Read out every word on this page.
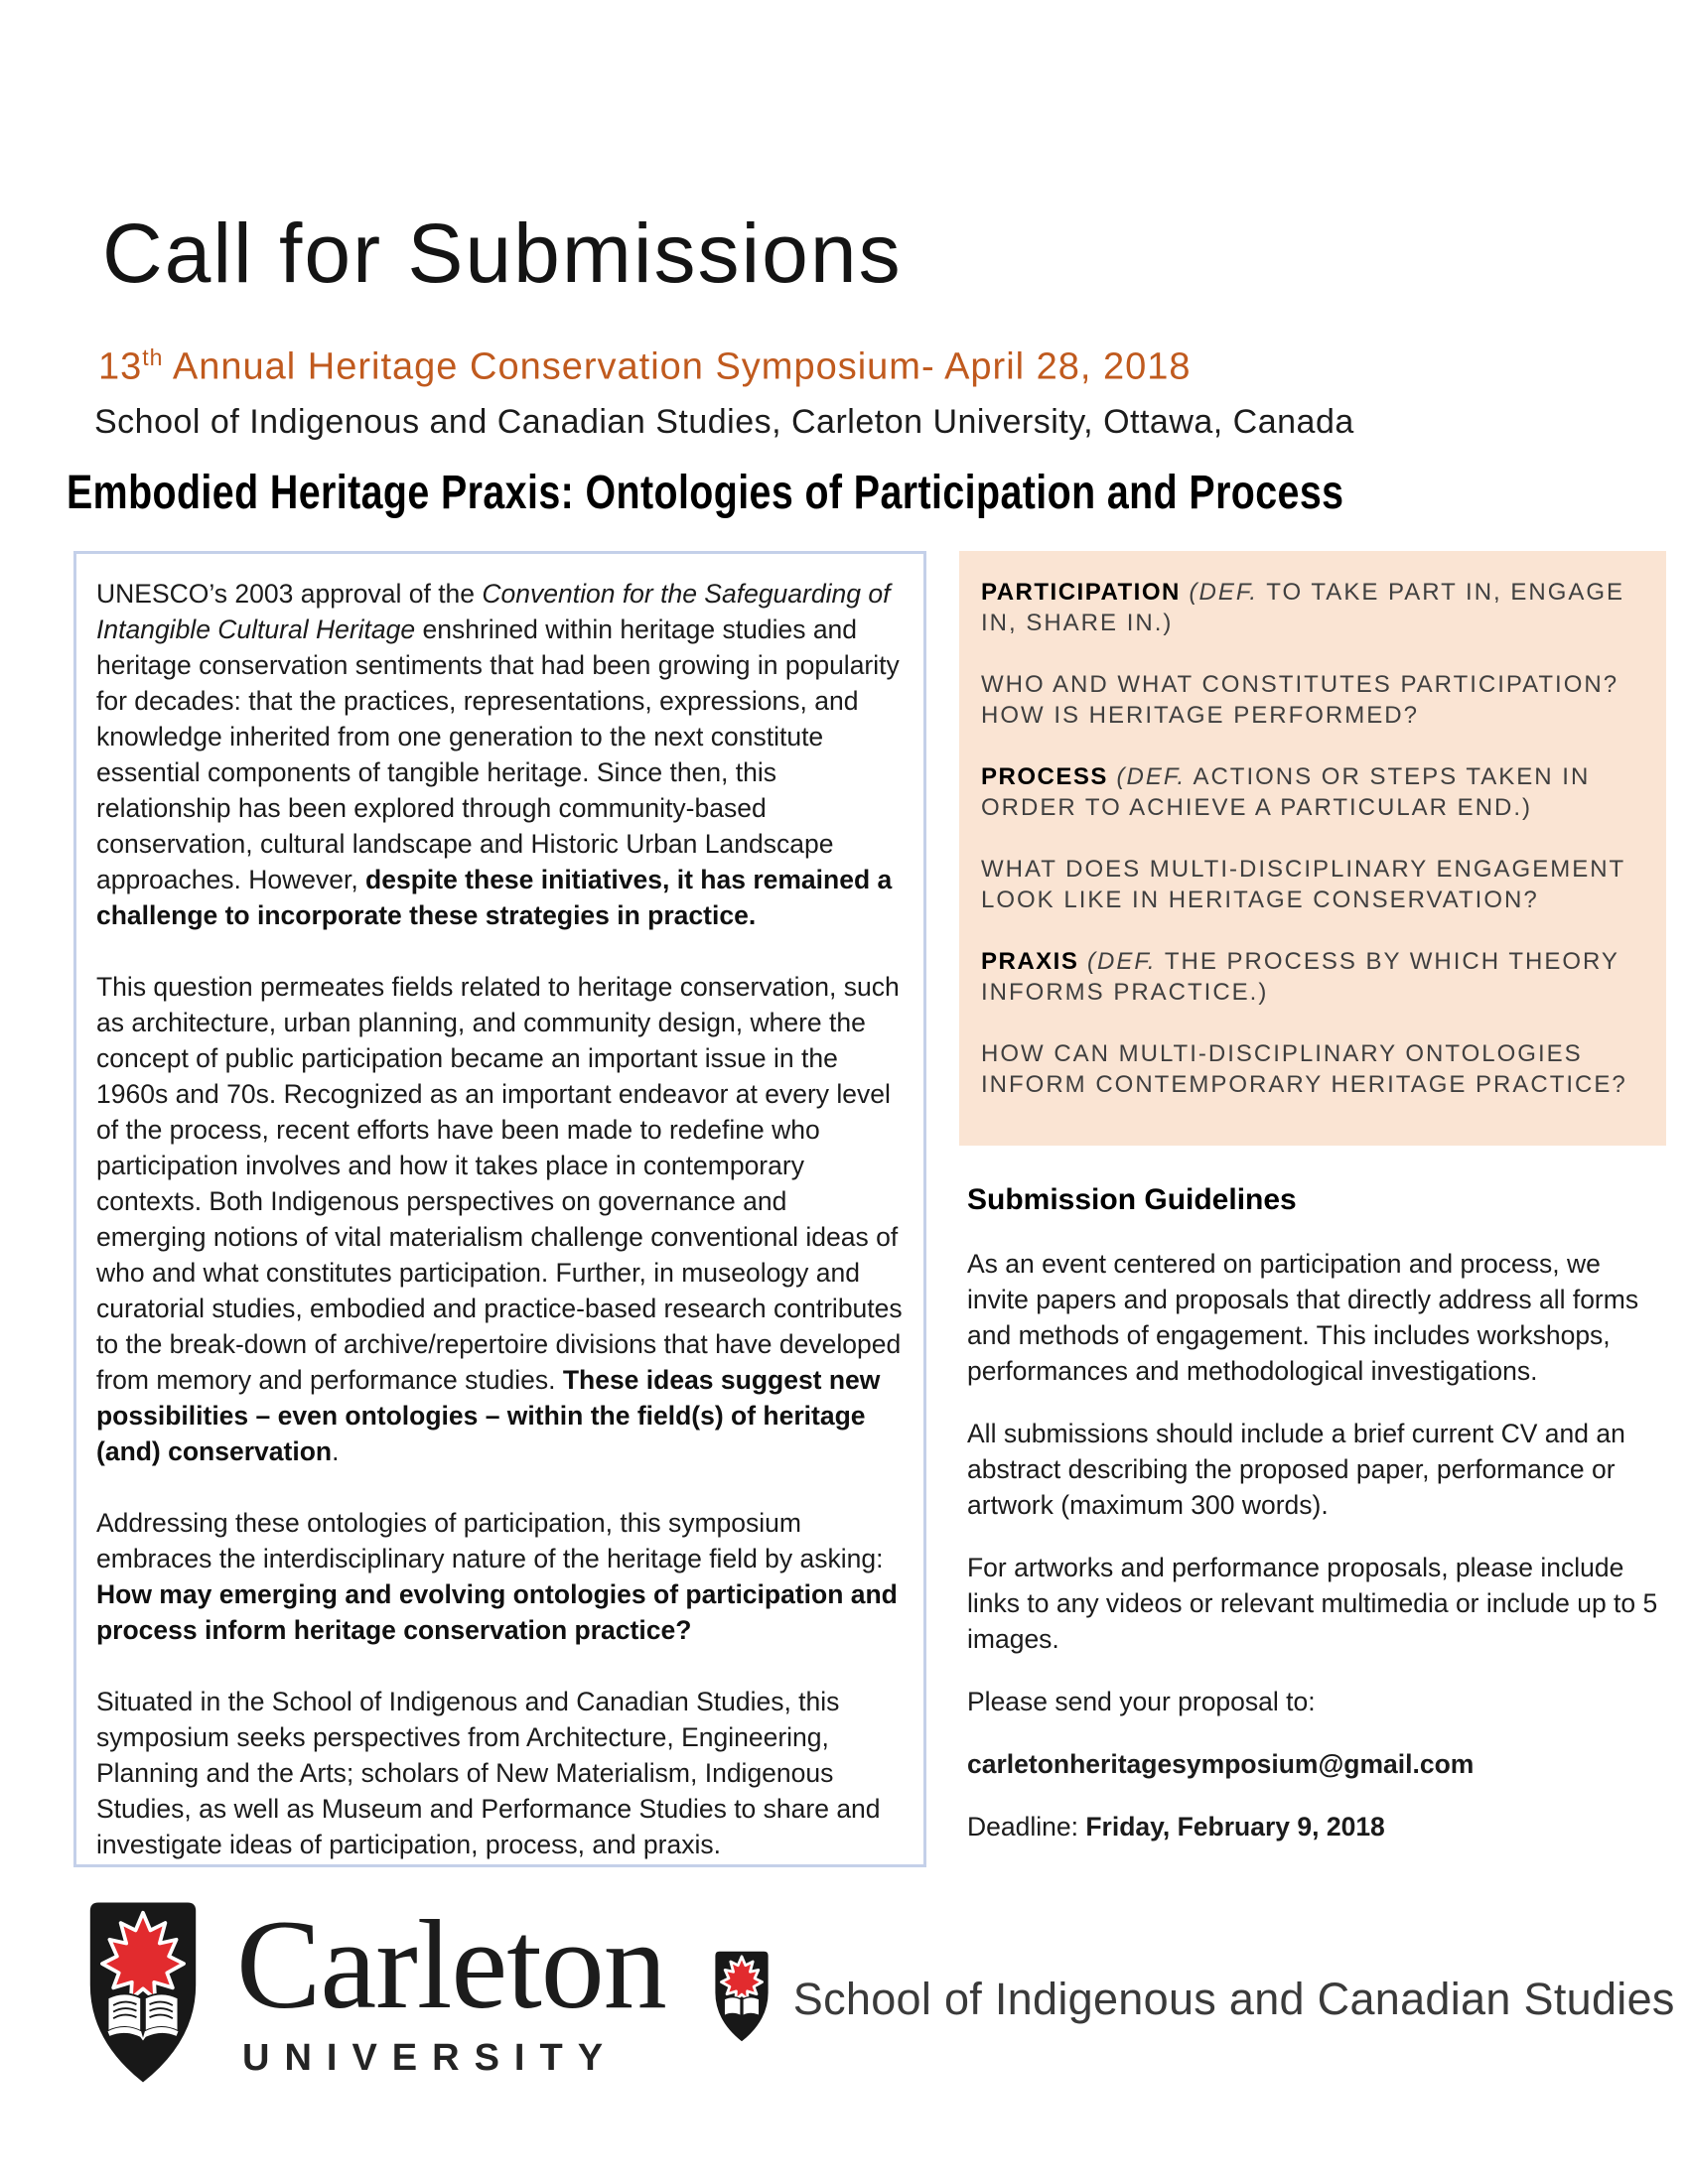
Call for Submissions
13th Annual Heritage Conservation Symposium- April 28, 2018
School of Indigenous and Canadian Studies, Carleton University, Ottawa, Canada
Embodied Heritage Praxis: Ontologies of Participation and Process

UNESCO’s 2003 approval of the Convention for the Safeguarding of Intangible Cultural Heritage enshrined within heritage studies and heritage conservation sentiments that had been growing in popularity for decades: that the practices, representations, expressions, and knowledge inherited from one generation to the next constitute essential components of tangible heritage. Since then, this relationship has been explored through community-based conservation, cultural landscape and Historic Urban Landscape approaches. However, despite these initiatives, it has remained a challenge to incorporate these strategies in practice.

This question permeates fields related to heritage conservation, such as architecture, urban planning, and community design, where the concept of public participation became an important issue in the 1960s and 70s. Recognized as an important endeavor at every level of the process, recent efforts have been made to redefine who participation involves and how it takes place in contemporary contexts. Both Indigenous perspectives on governance and emerging notions of vital materialism challenge conventional ideas of who and what constitutes participation. Further, in museology and curatorial studies, embodied and practice-based research contributes to the break-down of archive/repertoire divisions that have developed from memory and performance studies. These ideas suggest new possibilities – even ontologies – within the field(s) of heritage (and) conservation.

Addressing these ontologies of participation, this symposium embraces the interdisciplinary nature of the heritage field by asking: How may emerging and evolving ontologies of participation and process inform heritage conservation practice?

Situated in the School of Indigenous and Canadian Studies, this symposium seeks perspectives from Architecture, Engineering, Planning and the Arts; scholars of New Materialism, Indigenous Studies, as well as Museum and Performance Studies to share and investigate ideas of participation, process, and praxis.

PARTICIPATION (DEF. TO TAKE PART IN, ENGAGE IN, SHARE IN.)

WHO AND WHAT CONSTITUTES PARTICIPATION? HOW IS HERITAGE PERFORMED?

PROCESS (DEF. ACTIONS OR STEPS TAKEN IN ORDER TO ACHIEVE A PARTICULAR END.)

WHAT DOES MULTI-DISCIPLINARY ENGAGEMENT LOOK LIKE IN HERITAGE CONSERVATION?

PRAXIS (DEF. THE PROCESS BY WHICH THEORY INFORMS PRACTICE.)

HOW CAN MULTI-DISCIPLINARY ONTOLOGIES INFORM CONTEMPORARY HERITAGE PRACTICE?

Submission Guidelines

As an event centered on participation and process, we invite papers and proposals that directly address all forms and methods of engagement. This includes workshops, performances and methodological investigations.

All submissions should include a brief current CV and an abstract describing the proposed paper, performance or artwork (maximum 300 words).

For artworks and performance proposals, please include links to any videos or relevant multimedia or include up to 5 images.

Please send your proposal to:

carletonheritagesymposium@gmail.com

Deadline: Friday, February 9, 2018

Carleton
UNIVERSITY
School of Indigenous and Canadian Studies
